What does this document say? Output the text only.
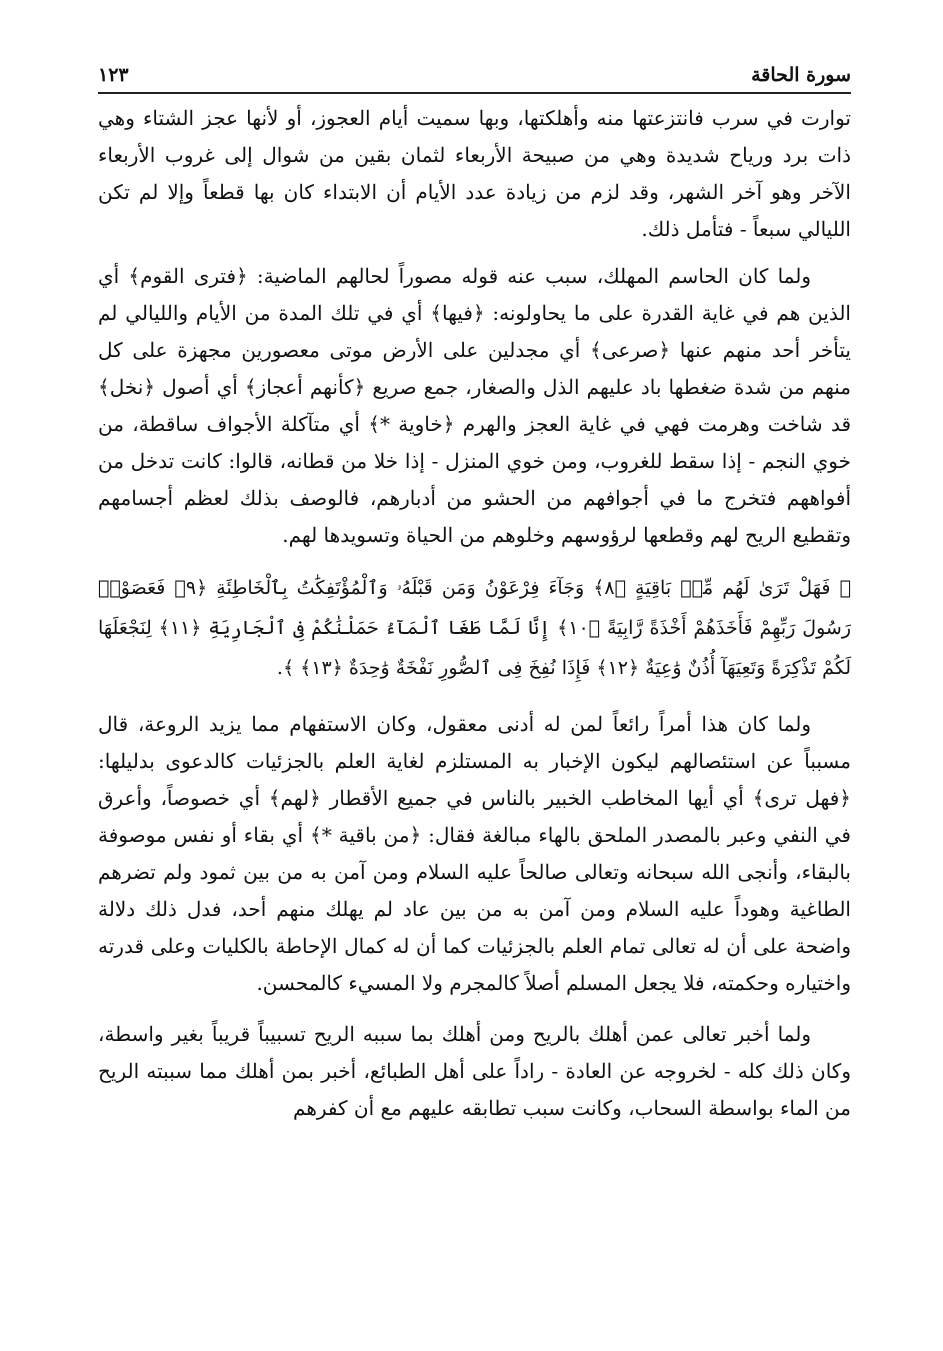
سورة الحاقة
١٢٣

توارت في سرب فانتزعتها منه وأهلكتها، وبها سميت أيام العجوز، أو لأنها عجز الشتاء وهي ذات برد ورياح شديدة وهي من صبيحة الأربعاء لثمان بقين من شوال إلى غروب الأربعاء الآخر وهو آخر الشهر، وقد لزم من زيادة عدد الأيام أن الابتداء كان بها قطعاً وإلا لم تكن الليالي سبعاً - فتأمل ذلك.

ولما كان الحاسم المهلك، سبب عنه قوله مصوراً لحالهم الماضية: ﴿فترى القوم﴾ أي الذين هم في غاية القدرة على ما يحاولونه: ﴿فيها﴾ أي في تلك المدة من الأيام والليالي لم يتأخر أحد منهم عنها ﴿صرعى﴾ أي مجدلين على الأرض موتى معصورين مجهزة على كل منهم من شدة ضغطها باد عليهم الذل والصغار، جمع صريع ﴿كأنهم أعجاز﴾ أي أصول ﴿نخل﴾ قد شاخت وهرمت فهي في غاية العجز والهرم ﴿خاوية *﴾ أي متآكلة الأجواف ساقطة، من خوي النجم - إذا سقط للغروب، ومن خوي المنزل - إذا خلا من قطانه، قالوا: كانت تدخل من أفواههم فتخرج ما في أجوافهم من الحشو من أدبارهم، فالوصف بذلك لعظم أجسامهم وتقطيع الريح لهم وقطعها لرؤوسهم وخلوهم من الحياة وتسويدها لهم.

﴿ فَهَلْ تَرَىٰ لَهُم مِّنۢ بَاقِيَةٍ ﴿٨﴾ وَجَآءَ فِرْعَوْنُ وَمَن قَبْلَهُۥ وَٱلْمُؤْتَفِكَٰتُ بِٱلْخَاطِئَةِ ﴿٩﴾ فَعَصَوْا۟ رَسُولَ رَبِّهِمْ فَأَخَذَهُمْ أَخْذَةً رَّابِيَةً ﴿١٠﴾ إِنَّا لَمَّا طَغَا ٱلْمَآءُ حَمَلْنَٰكُمْ فِى ٱلْجَارِيَةِ ﴿١١﴾ لِنَجْعَلَهَا لَكُمْ تَذْكِرَةً وَتَعِيَهَآ أُذُنٌ وَٰعِيَةٌ ﴿١٢﴾ فَإِذَا نُفِخَ فِى ٱلصُّورِ نَفْخَةٌ وَٰحِدَةٌ ﴿١٣﴾ ﴾.

ولما كان هذا أمراً رائعاً لمن له أدنى معقول، وكان الاستفهام مما يزيد الروعة، قال مسبباً عن استئصالهم ليكون الإخبار به المستلزم لغاية العلم بالجزئيات كالدعوى بدليلها: ﴿فهل ترى﴾ أي أيها المخاطب الخبير بالناس في جميع الأقطار ﴿لهم﴾ أي خصوصاً، وأعرق في النفي وعبر بالمصدر الملحق بالهاء مبالغة فقال: ﴿من باقية *﴾ أي بقاء أو نفس موصوفة بالبقاء، وأنجى الله سبحانه وتعالى صالحاً عليه السلام ومن آمن به من بين ثمود ولم تضرهم الطاغية وهوداً عليه السلام ومن آمن به من بين عاد لم يهلك منهم أحد، فدل ذلك دلالة واضحة على أن له تعالى تمام العلم بالجزئيات كما أن له كمال الإحاطة بالكليات وعلى قدرته واختياره وحكمته، فلا يجعل المسلم أصلاً كالمجرم ولا المسيء كالمحسن.

ولما أخبر تعالى عمن أهلك بالريح ومن أهلك بما سببه الريح تسبيباً قريباً بغير واسطة، وكان ذلك كله - لخروجه عن العادة - راداً على أهل الطبائع، أخبر بمن أهلك مما سببته الريح من الماء بواسطة السحاب، وكانت سبب تطابقه عليهم مع أن كفرهم
